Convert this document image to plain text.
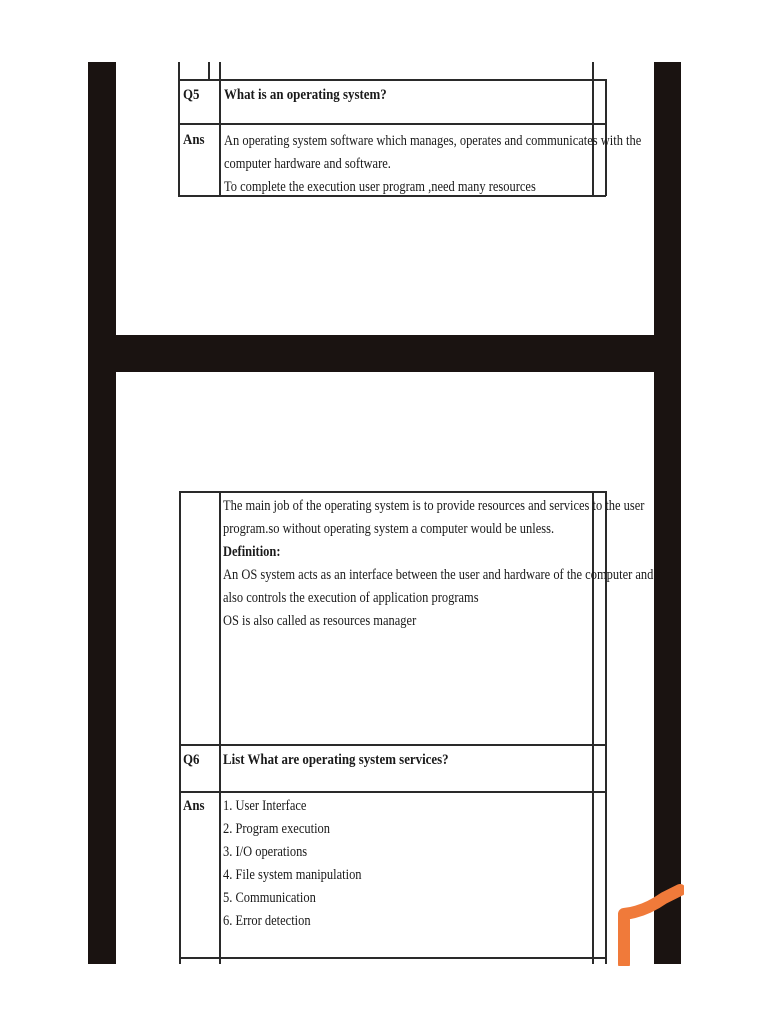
Q5 What is an operating system?
Ans An operating system software which manages, operates and communicates with the
computer hardware and software.
To complete the execution user program ,need many resources
The main job of the operating system is to provide resources and services to the user
program.so without operating system a computer would be unless.
Definition:
An OS system acts as an interface between the user and hardware of the computer and
also controls the execution of application programs
OS is also called as resources manager
Q6 List What are operating system services?
Ans 1. User Interface
2. Program execution
3. I/O operations
4. File system manipulation
5. Communication
6. Error detection
